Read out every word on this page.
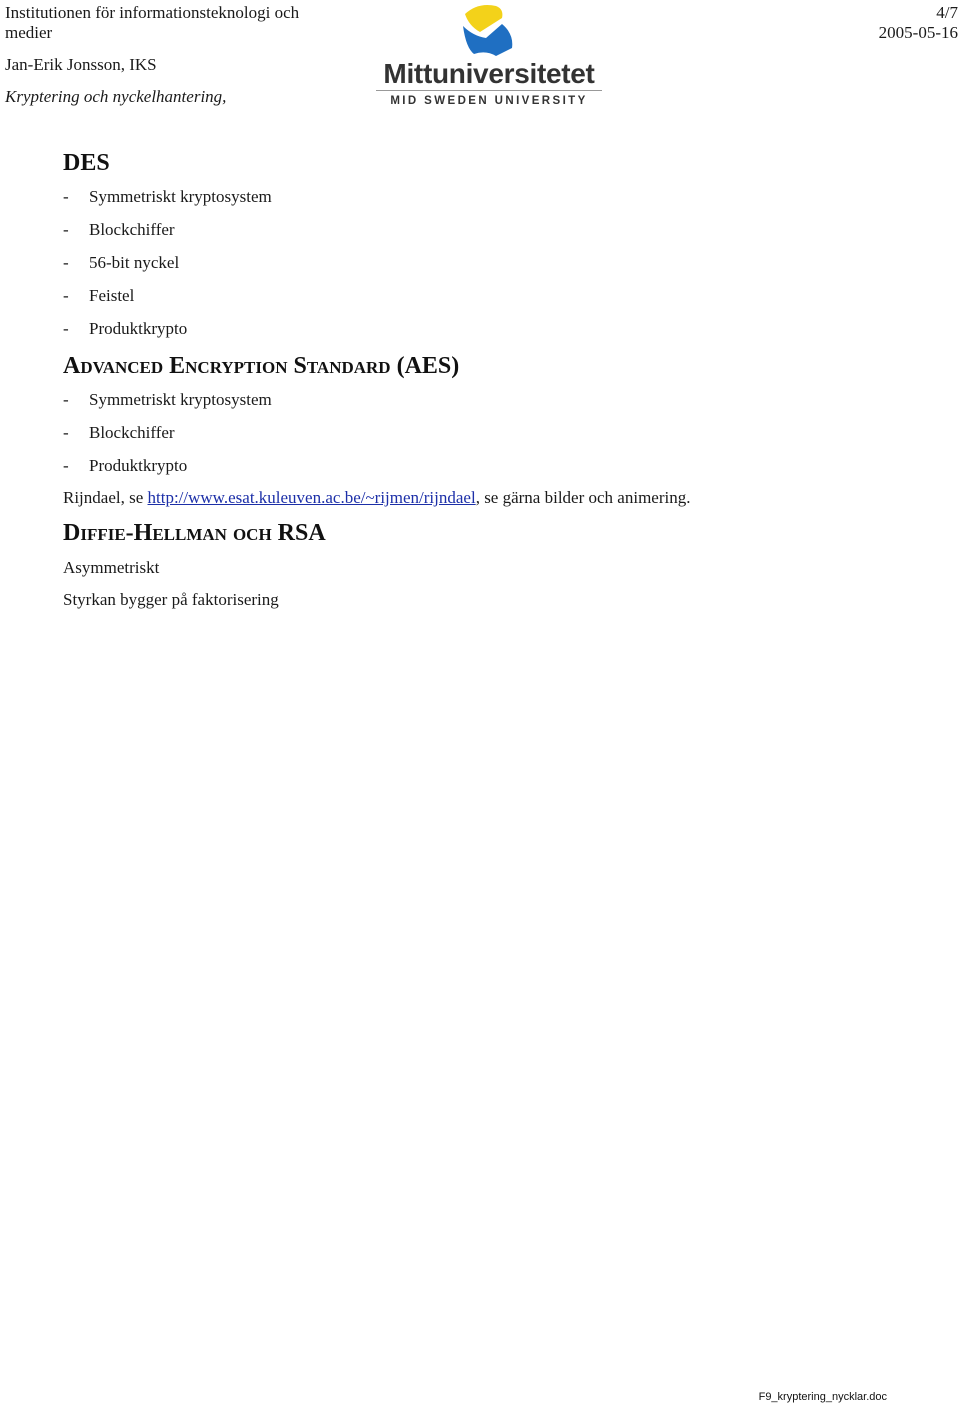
Institutionen för informationsteknologi och medier
Jan-Erik Jonsson, IKS
Kryptering och nyckelhantering,
4/7
2005-05-16
Mittuniversitetet
MID SWEDEN UNIVERSITY
DES
- Symmetriskt kryptosystem
- Blockchiffer
- 56-bit nyckel
- Feistel
- Produktkrypto
Advanced Encryption Standard (AES)
- Symmetriskt kryptosystem
- Blockchiffer
- Produktkrypto

Rijndael, se http://www.esat.kuleuven.ac.be/~rijmen/rijndael, se gärna bilder och animering.

Diffie-Hellman och RSA

Asymmetriskt

Styrkan bygger på faktorisering

F9_kryptering_nycklar.doc
